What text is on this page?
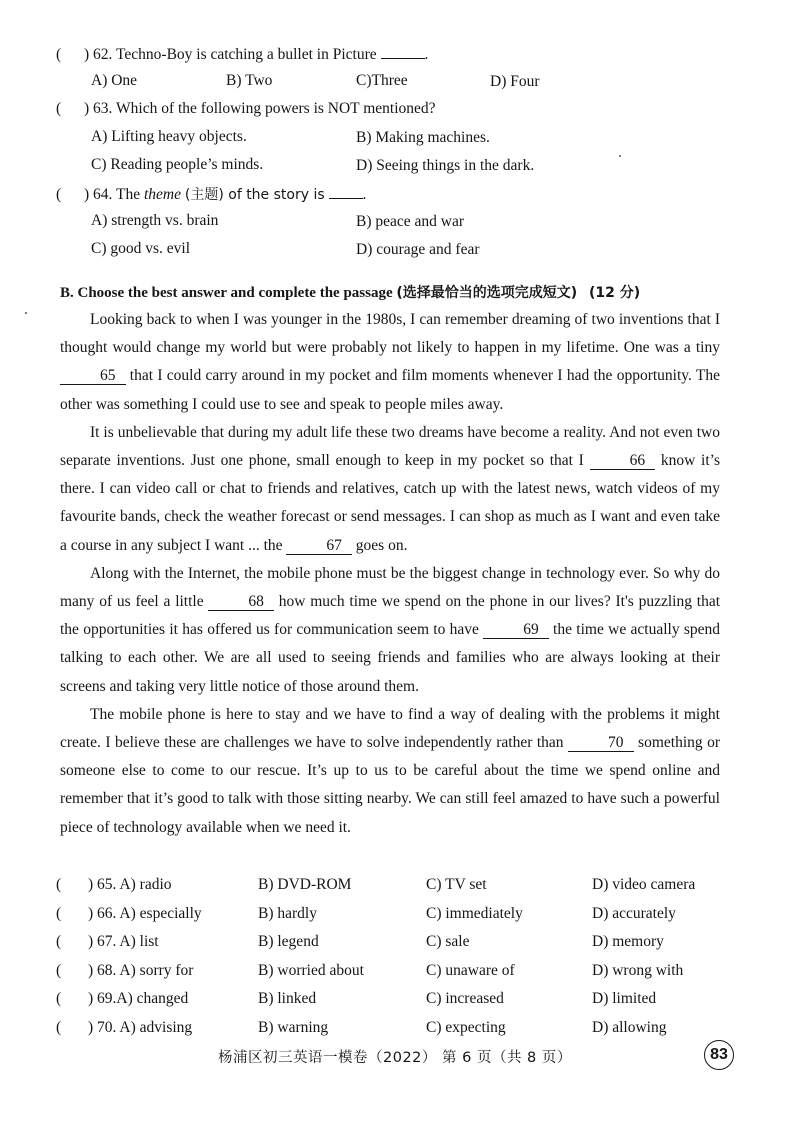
( ) 62. Techno-Boy is catching a bullet in Picture	.
A) One	B) Two	C)Three	D) Four
( ) 63. Which of the following powers is NOT mentioned?
A) Lifting heavy objects.	B) Making machines.
C) Reading people’s minds.	D) Seeing things in the dark.
( ) 64. The theme (主题) of the story is .
A) strength vs. brain	B) peace and war
C) good vs. evil	D) courage and fear
B. Choose the best answer and complete the passage (选择最恰当的选项完成短文) (12 分)

Looking back to when I was younger in the 1980s, I can remember dreaming of two inventions that I thought would change my world but were probably not likely to happen in my lifetime. One was a tiny 65 that I could carry around in my pocket and film moments whenever I had the opportunity. The other was something I could use to see and speak to people miles away.

It is unbelievable that during my adult life these two dreams have become a reality. And not even two separate inventions. Just one phone, small enough to keep in my pocket so that I	66 know it’s there. I can video call or chat to friends and relatives, catch up with the latest news, watch videos of my favourite bands, check the weather forecast or send messages. I can shop as much as I want and even take a course in any subject I want ... the	67 goes on.

Along with the Internet, the mobile phone must be the biggest change in technology ever. So why do many of us feel a little	68 how much time we spend on the phone in our lives? It's puzzling that the opportunities it has offered us for communication seem to have	69 the time we actually spend talking to each other. We are all used to seeing friends and families who are always looking at their screens and taking very little notice of those around them.

The mobile phone is here to stay and we have to find a way of dealing with the problems it might create. I believe these are challenges we have to solve independently rather than	70 something or someone else to come to our rescue. It’s up to us to be careful about the time we spend online and remember that it’s good to talk with those sitting nearby. We can still feel amazed to have such a powerful piece of technology available when we need it.

( ) 65. A) radio	B) DVD-ROM	C) TV set	D) video camera
( ) 66. A) especially	B) hardly	C) immediately	D) accurately
( ) 67. A) list	B) legend	C) sale	D) memory
( ) 68. A) sorry for	B) worried about	C) unaware of	D) wrong with
( ) 69.A) changed	B) linked	C) increased	D) limited
( ) 70. A) advising	B) warning	C) expecting	D) allowing
杨浦区初三英语一模卷（2022） 第 6 页（共 8 页）	83
